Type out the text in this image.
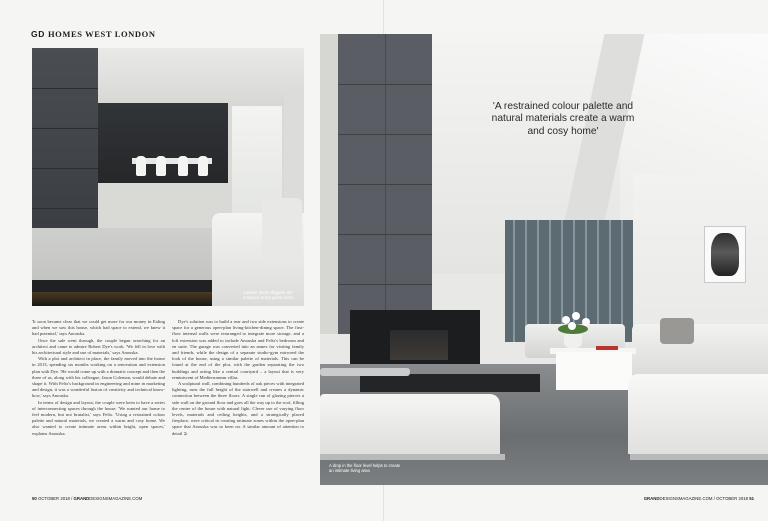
GD HOMES WEST LONDON
Cabinet doors disguise the entrance to the guest room

'It soon became clear that we could get more for our money in Ealing and when we saw this house, which had space to extend, we knew it had potential,' says Anouska.

Once the sale went through, the couple began searching for an architect and came to admire Robert Dye's work. 'We fell in love with his architectural style and use of materials,' says Anouska.

With a plot and architect in place, the family moved into the house in 2013, spending six months working on a renovation and extension plan with Dye. 'He would come up with a dramatic concept and then the three of us, along with his colleague, Jason Coleman, would debate and shape it. With Felix's background in engineering and mine in marketing and design, it was a wonderful fusion of creativity and technical know-how,' says Anouska.

In terms of design and layout, the couple were keen to have a series of interconnecting spaces through the house. 'We wanted our home to feel modern, but not brutalist,' says Felix. 'Using a restrained colour palette and natural materials, we created a warm and cosy home. We also wanted to create intimate areas within bright, open spaces,' explains Anouska.

Dye's solution was to build a rear and two side extensions to create space for a generous open-plan living-kitchen-dining space. The first-floor internal walls were rearranged to integrate more storage, and a loft extension was added to include Anouska and Felix's bedroom and en suite. The garage was converted into an annex for visiting family and friends, while the design of a separate studio-gym mirrored the look of the house, using a similar palette of materials. This can be found at the end of the plot, with the garden separating the two buildings and acting like a central courtyard – a layout that is very reminiscent of Mediterranean villas.

A sculptural wall, combining hundreds of oak pieces with integrated lighting, runs the full height of the stairwell and creates a dynamic connection between the three floors. A single run of glazing pierces a side wall on the ground floor and goes all the way up to the roof, filling the centre of the house with natural light. Clever use of varying floor levels, materials and ceiling heights, and a strategically placed fireplace, were critical in creating intimate zones within the open-plan space that Anouska was so keen on. A similar amount of attention to detail ➲

50 OCTOBER 2018 / GRANDDESIGNSMAGAZINE.COM
'A restrained colour palette and natural materials create a warm and cosy home'
A drop in the floor level helps to create an intimate living area
GRANDDESIGNSMAGAZINE.COM / OCTOBER 2018 51
